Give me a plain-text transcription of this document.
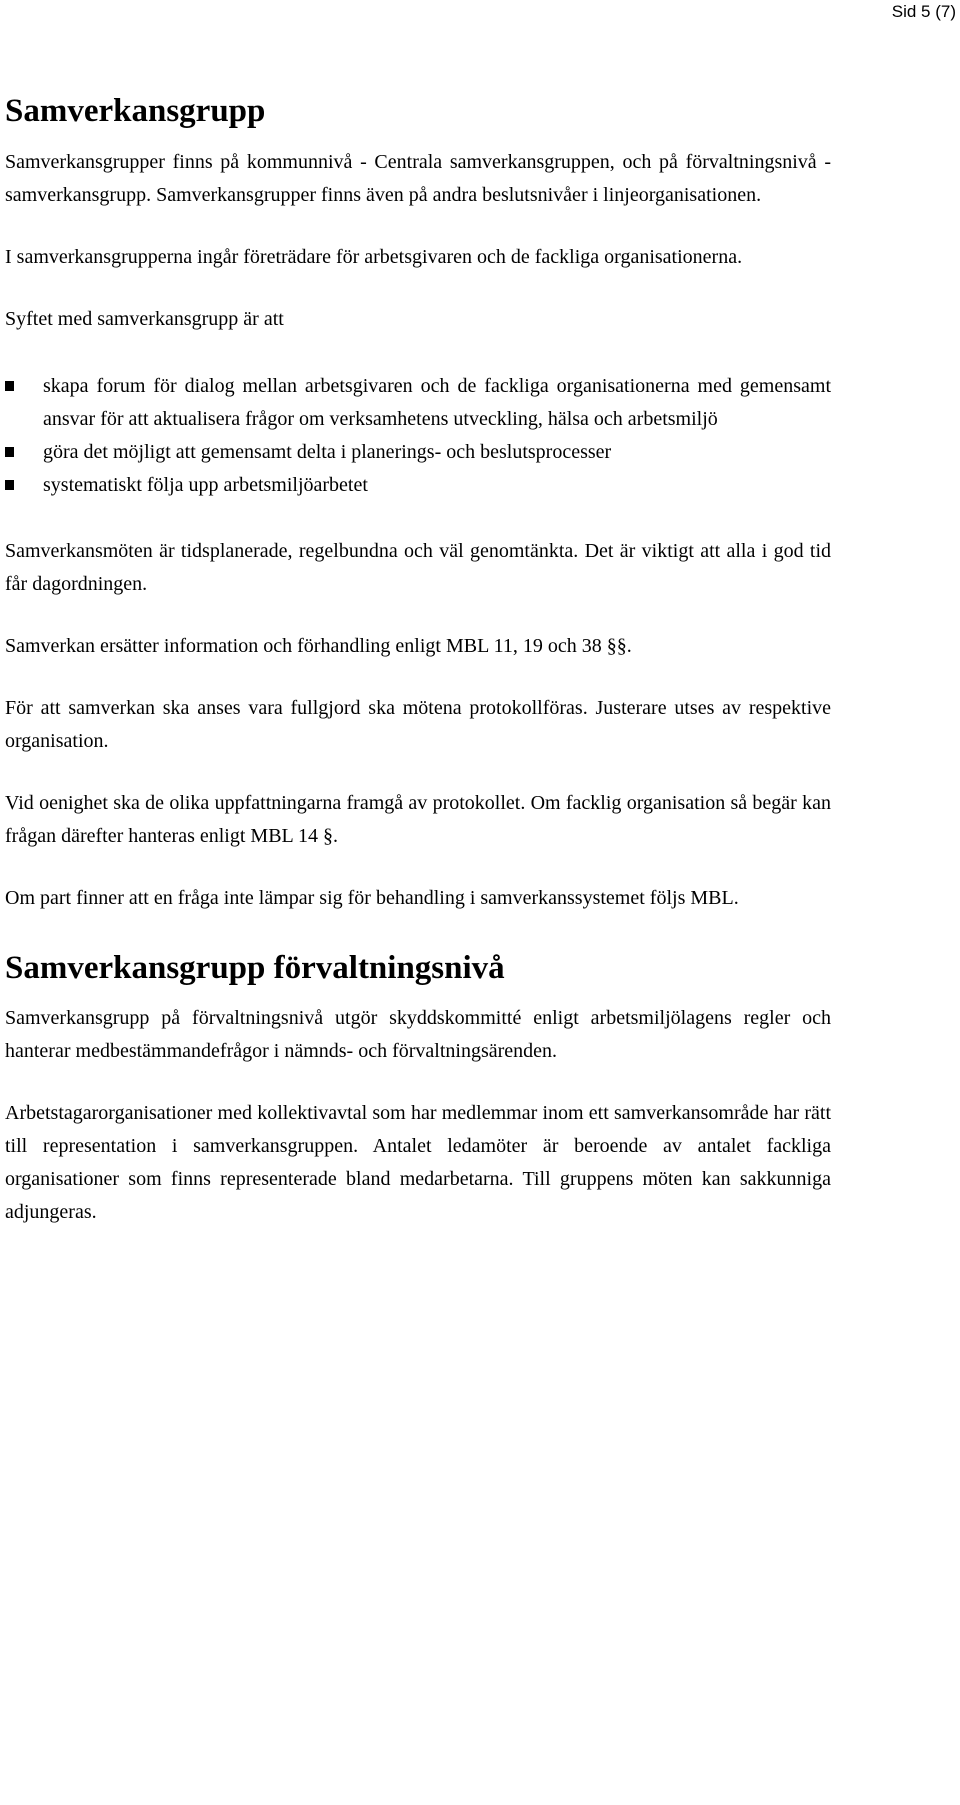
Sid 5 (7)
Samverkansgrupp

Samverkansgrupper finns på kommunnivå - Centrala samverkansgruppen, och på förvaltningsnivå - samverkansgrupp. Samverkansgrupper finns även på andra beslutsnivåer i linjeorganisationen.

I samverkansgrupperna ingår företrädare för arbetsgivaren och de fackliga organisationerna.

Syftet med samverkansgrupp är att

skapa forum för dialog mellan arbetsgivaren och de fackliga organisationerna med gemensamt ansvar för att aktualisera frågor om verksamhetens utveckling, hälsa och arbetsmiljö
göra det möjligt att gemensamt delta i planerings- och beslutsprocesser
systematiskt följa upp arbetsmiljöarbetet

Samverkansmöten är tidsplanerade, regelbundna och väl genomtänkta. Det är viktigt att alla i god tid får dagordningen.

Samverkan ersätter information och förhandling enligt MBL 11, 19 och 38 §§.

För att samverkan ska anses vara fullgjord ska mötena protokollföras. Justerare utses av respektive organisation.

Vid oenighet ska de olika uppfattningarna framgå av protokollet. Om facklig organisation så begär kan frågan därefter hanteras enligt MBL 14 §.

Om part finner att en fråga inte lämpar sig för behandling i samverkanssystemet följs MBL.

Samverkansgrupp förvaltningsnivå

Samverkansgrupp på förvaltningsnivå utgör skyddskommitté enligt arbetsmiljölagens regler och hanterar medbestämmandefrågor i nämnds- och förvaltningsärenden.

Arbetstagarorganisationer med kollektivavtal som har medlemmar inom ett samverkansområde har rätt till representation i samverkansgruppen. Antalet ledamöter är beroende av antalet fackliga organisationer som finns representerade bland medarbetarna. Till gruppens möten kan sakkunniga adjungeras.
